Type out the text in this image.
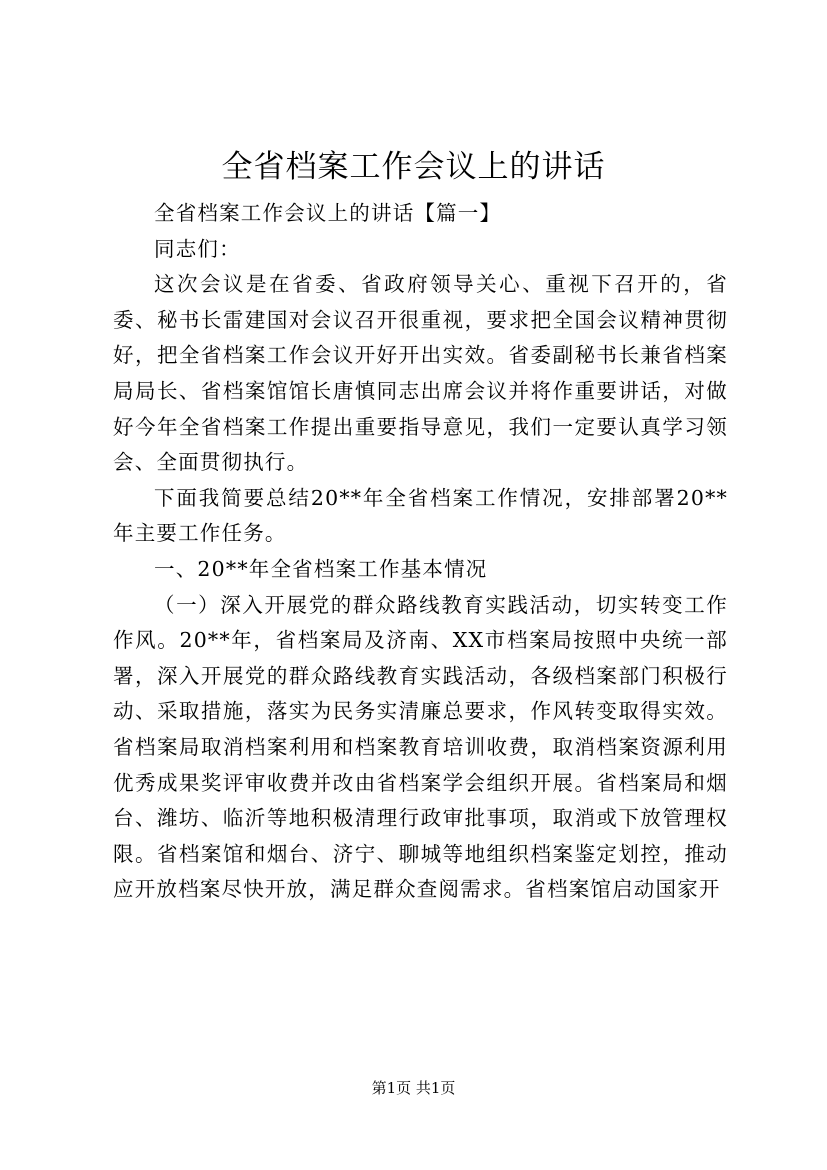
全省档案工作会议上的讲话

全省档案工作会议上的讲话【篇一】

同志们：

这次会议是在省委、省政府领导关心、重视下召开的，省委、秘书长雷建国对会议召开很重视，要求把全国会议精神贯彻好，把全省档案工作会议开好开出实效。省委副秘书长兼省档案局局长、省档案馆馆长唐慎同志出席会议并将作重要讲话，对做好今年全省档案工作提出重要指导意见，我们一定要认真学习领会、全面贯彻执行。

下面我简要总结20**年全省档案工作情况，安排部署20**年主要工作任务。

一、20**年全省档案工作基本情况

（一）深入开展党的群众路线教育实践活动，切实转变工作作风。20**年，省档案局及济南、XX市档案局按照中央统一部署，深入开展党的群众路线教育实践活动，各级档案部门积极行动、采取措施，落实为民务实清廉总要求，作风转变取得实效。省档案局取消档案利用和档案教育培训收费，取消档案资源利用优秀成果奖评审收费并改由省档案学会组织开展。省档案局和烟台、潍坊、临沂等地积极清理行政审批事项，取消或下放管理权限。省档案馆和烟台、济宁、聊城等地组织档案鉴定划控，推动应开放档案尽快开放，满足群众查阅需求。省档案馆启动国家开

第1页 共1页
